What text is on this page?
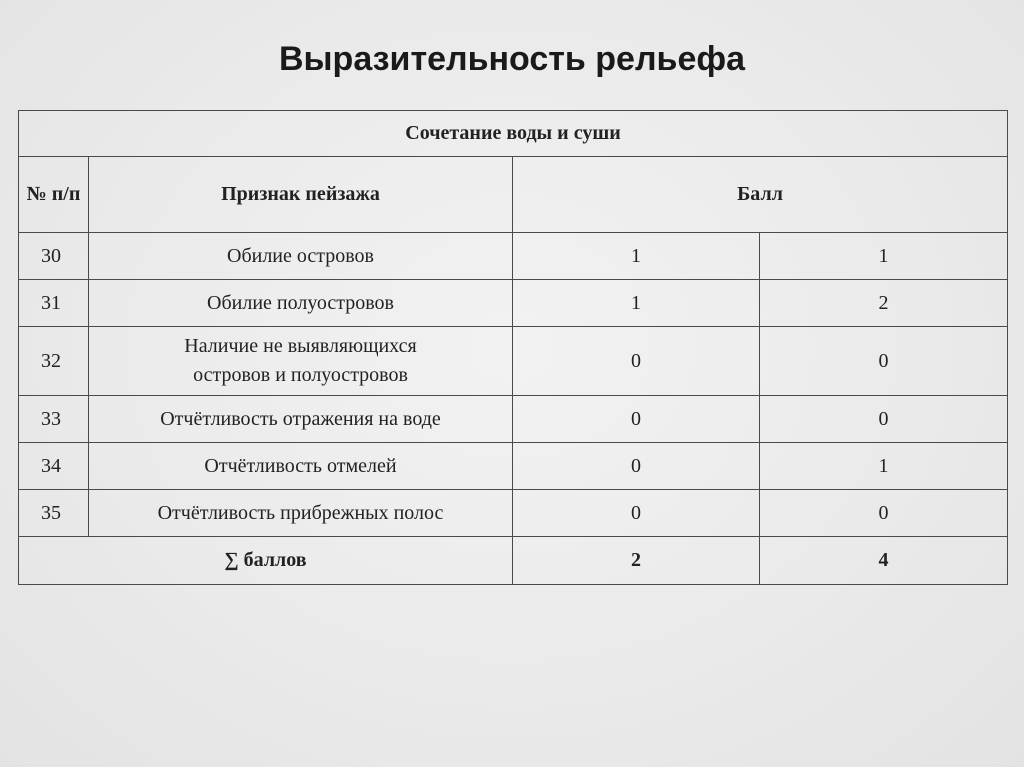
Выразительность рельефа
Сочетание воды и суши			
№ п/п	Признак пейзажа	Балл	
30	Обилие островов	1	1
31	Обилие полуостровов	1	2
32	Наличие не выявляющихся островов и полуостровов	0	0
33	Отчётливость отражения на воде	0	0
34	Отчётливость отмелей	0	1
35	Отчётливость прибрежных полос	0	0
∑ баллов		2	4
